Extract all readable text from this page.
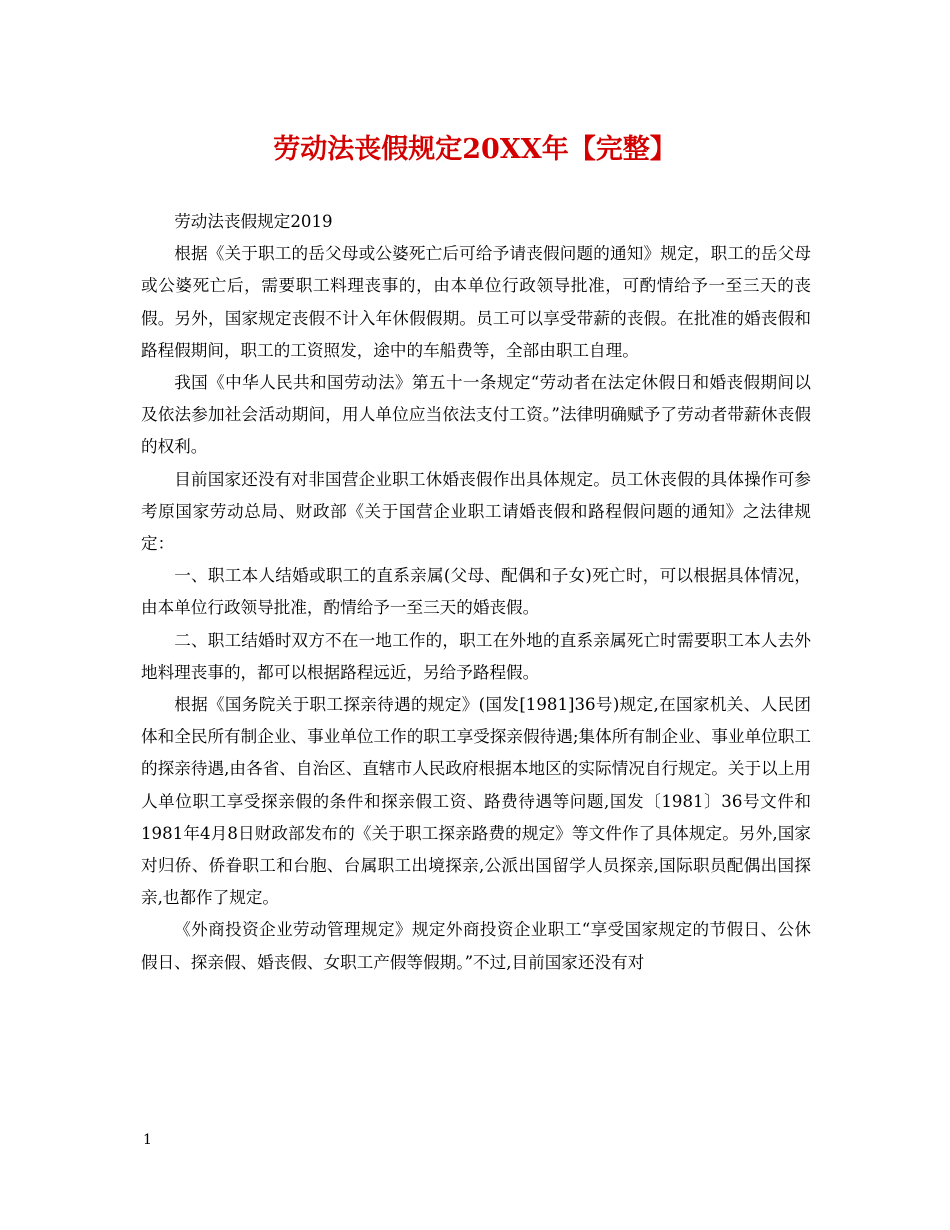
劳动法丧假规定20XX年【完整】

劳动法丧假规定2019

根据《关于职工的岳父母或公婆死亡后可给予请丧假问题的通知》规定，职工的岳父母或公婆死亡后，需要职工料理丧事的，由本单位行政领导批准，可酌情给予一至三天的丧假。另外，国家规定丧假不计入年休假假期。员工可以享受带薪的丧假。在批准的婚丧假和路程假期间，职工的工资照发，途中的车船费等，全部由职工自理。

我国《中华人民共和国劳动法》第五十一条规定“劳动者在法定休假日和婚丧假期间以及依法参加社会活动期间，用人单位应当依法支付工资。”法律明确赋予了劳动者带薪休丧假的权利。

目前国家还没有对非国营企业职工休婚丧假作出具体规定。员工休丧假的具体操作可参考原国家劳动总局、财政部《关于国营企业职工请婚丧假和路程假问题的通知》之法律规定：

一、职工本人结婚或职工的直系亲属(父母、配偶和子女)死亡时，可以根据具体情况，由本单位行政领导批准，酌情给予一至三天的婚丧假。

二、职工结婚时双方不在一地工作的，职工在外地的直系亲属死亡时需要职工本人去外地料理丧事的，都可以根据路程远近，另给予路程假。

根据《国务院关于职工探亲待遇的规定》(国发[1981]36号)规定,在国家机关、人民团体和全民所有制企业、事业单位工作的职工享受探亲假待遇;集体所有制企业、事业单位职工的探亲待遇,由各省、自治区、直辖市人民政府根据本地区的实际情况自行规定。关于以上用人单位职工享受探亲假的条件和探亲假工资、路费待遇等问题,国发〔1981〕36号文件和1981年4月8日财政部发布的《关于职工探亲路费的规定》等文件作了具体规定。另外,国家对归侨、侨眷职工和台胞、台属职工出境探亲,公派出国留学人员探亲,国际职员配偶出国探亲,也都作了规定。

《外商投资企业劳动管理规定》规定外商投资企业职工“享受国家规定的节假日、公休假日、探亲假、婚丧假、女职工产假等假期。”不过,目前国家还没有对

1
